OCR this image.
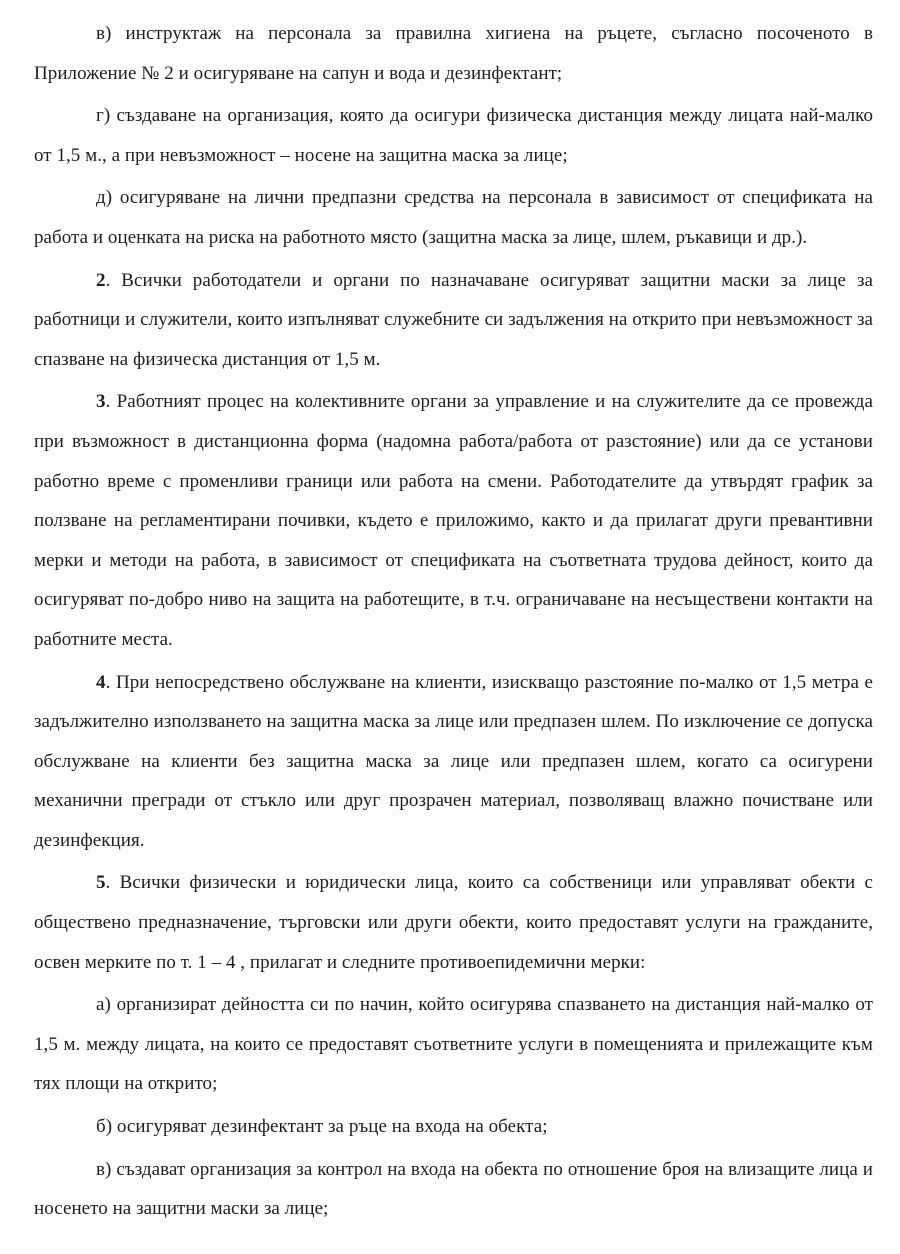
в) инструктаж на персонала за правилна хигиена на ръцете, съгласно посоченото в Приложение № 2 и осигуряване на сапун и вода и дезинфектант;

г) създаване на организация, която да осигури физическа дистанция между лицата най-малко от 1,5 м., а при невъзможност – носене на защитна маска за лице;

д) осигуряване на лични предпазни средства на персонала в зависимост от спецификата на работа и оценката на риска на работното място (защитна маска за лице, шлем, ръкавици и др.).

2. Всички работодатели и органи по назначаване осигуряват защитни маски за лице за работници и служители, които изпълняват служебните си задължения на открито при невъзможност за спазване на физическа дистанция от 1,5 м.

3. Работният процес на колективните органи за управление и на служителите да се провежда при възможност в дистанционна форма (надомна работа/работа от разстояние) или да се установи работно време с променливи граници или работа на смени. Работодателите да утвърдят график за ползване на регламентирани почивки, където е приложимо, както и да прилагат други превантивни мерки и методи на работа, в зависимост от спецификата на съответната трудова дейност, които да осигуряват по-добро ниво на защита на работещите, в т.ч. ограничаване на несъществени контакти на работните места.

4. При непосредствено обслужване на клиенти, изискващо разстояние по-малко от 1,5 метра е задължително използването на защитна маска за лице или предпазен шлем. По изключение се допуска обслужване на клиенти без защитна маска за лице или предпазен шлем, когато са осигурени механични прегради от стъкло или друг прозрачен материал, позволяващ влажно почистване или дезинфекция.

5. Всички физически и юридически лица, които са собственици или управляват обекти с обществено предназначение, търговски или други обекти, които предоставят услуги на гражданите, освен мерките по т. 1 – 4 , прилагат и следните противоепидемични мерки:

а) организират дейността си по начин, който осигурява спазването на дистанция най-малко от 1,5 м. между лицата, на които се предоставят съответните услуги в помещенията и прилежащите към тях площи на открито;

б) осигуряват дезинфектант за ръце на входа на обекта;

в) създават организация за контрол на входа на обекта по отношение броя на влизащите лица и носенето на защитни маски за лице;
